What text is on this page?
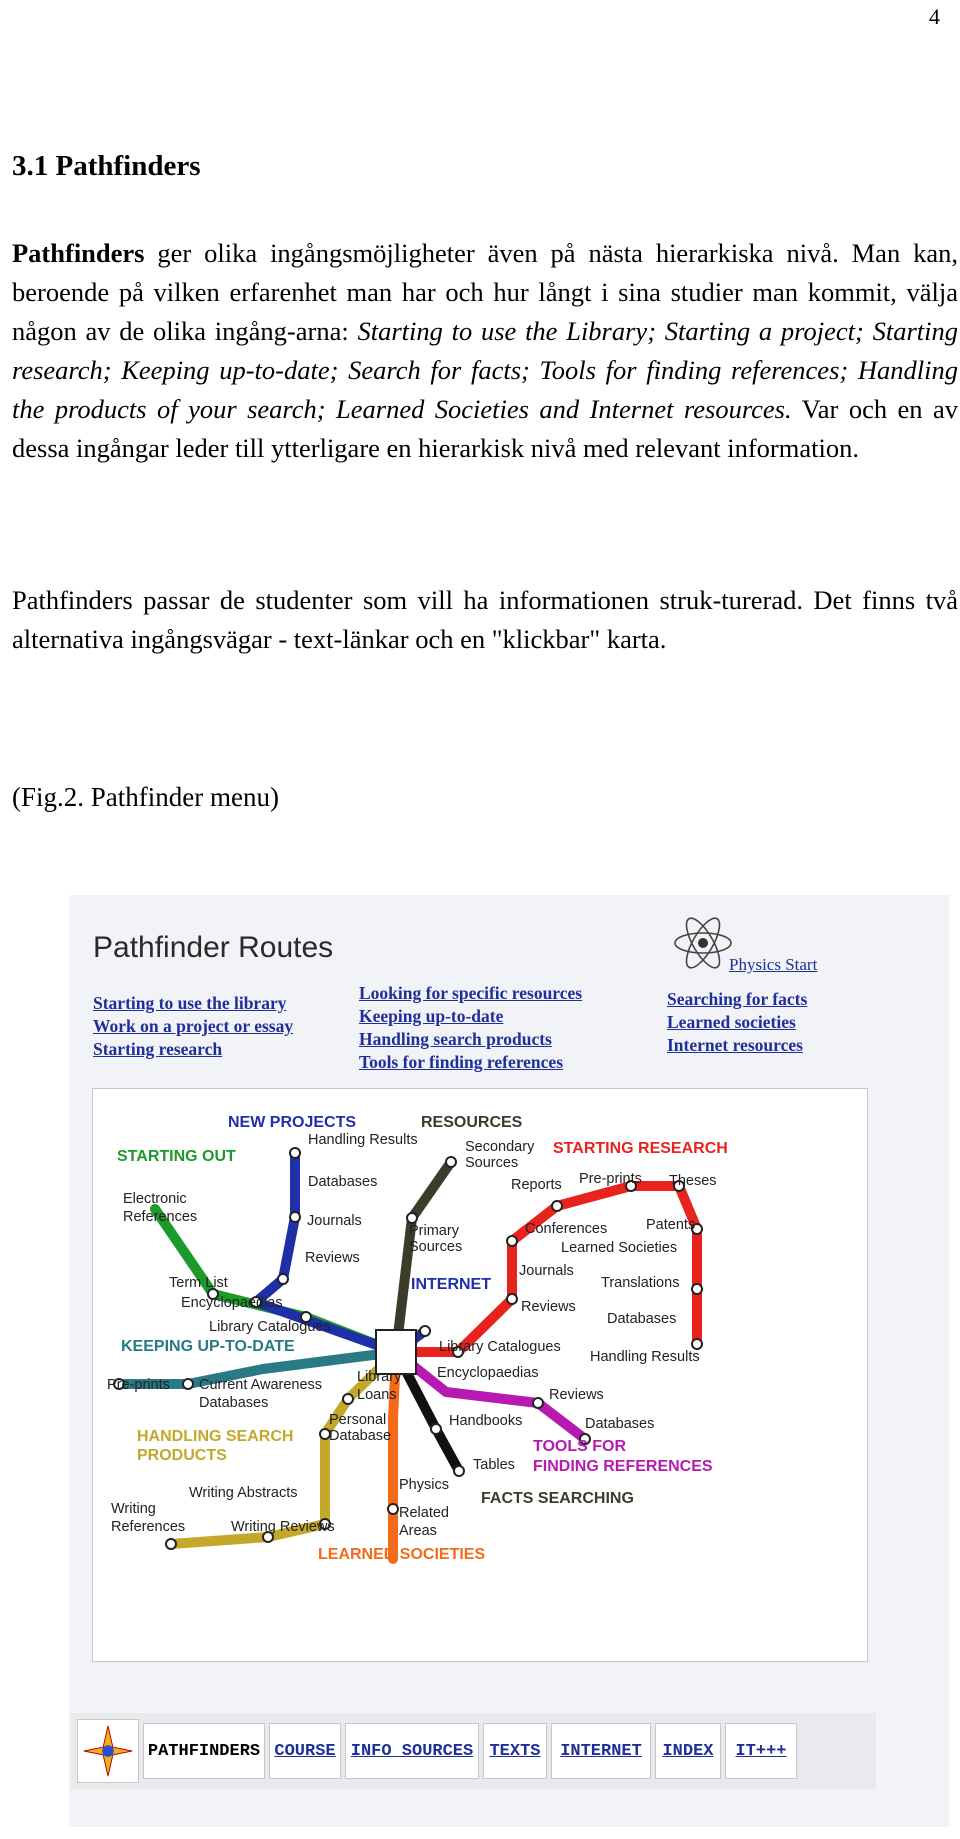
4
3.1 Pathfinders
Pathfinders ger olika ingångsmöjligheter även på nästa hierarkiska nivå. Man kan, beroende på vilken erfarenhet man har och hur långt i sina studier man kommit, välja någon av de olika ingång-arna: Starting to use the Library; Starting a project; Starting research; Keeping up-to-date; Search for facts; Tools for finding references; Handling the products of your search; Learned Societies and Internet resources. Var och en av dessa ingångar leder till ytterligare en hierarkisk nivå med relevant information.
Pathfinders passar de studenter som vill ha informationen struk-turerad. Det finns två alternativa ingångsvägar - text-länkar och en "klickbar" karta.
(Fig.2. Pathfinder menu)
Pathfinder Routes
Physics Start
Starting to use the library
Work on a project or essay
Starting research
Looking for specific resources
Keeping up-to-date
Handling search products
Tools for finding references
Searching for facts
Learned societies
Internet resources
NEW PROJECTS	RESOURCES
STARTING OUT	STARTING RESEARCH
INTERNET
KEEPING UP-TO-DATE
HANDLING SEARCH
PRODUCTS
TOOLS FOR
FINDING REFERENCES
FACTS SEARCHING
LEARNED SOCIETIES
Handling Results	Secondary
Sources
Databases	Reports Pre-prints Theses
Electronic
References	Journals
Primary
Sources
Conferences	Patents
Learned Societies
Reviews
Journals
Translations
Term List
Encyclopaedias	Reviews
Databases
Library Catalogues
Library Catalogues
Handling Results
Pre-prints Current Awareness
Databases
Library
Loans
Encyclopaedias
Reviews
Personal
Database
Handbooks	Databases
Tables
Writing Abstracts
Writing
References	Writing Reviews
Physics
Related
Areas
PATHFINDERS COURSE INFO SOURCES TEXTS	INTERNET	INDEX	IT+++
